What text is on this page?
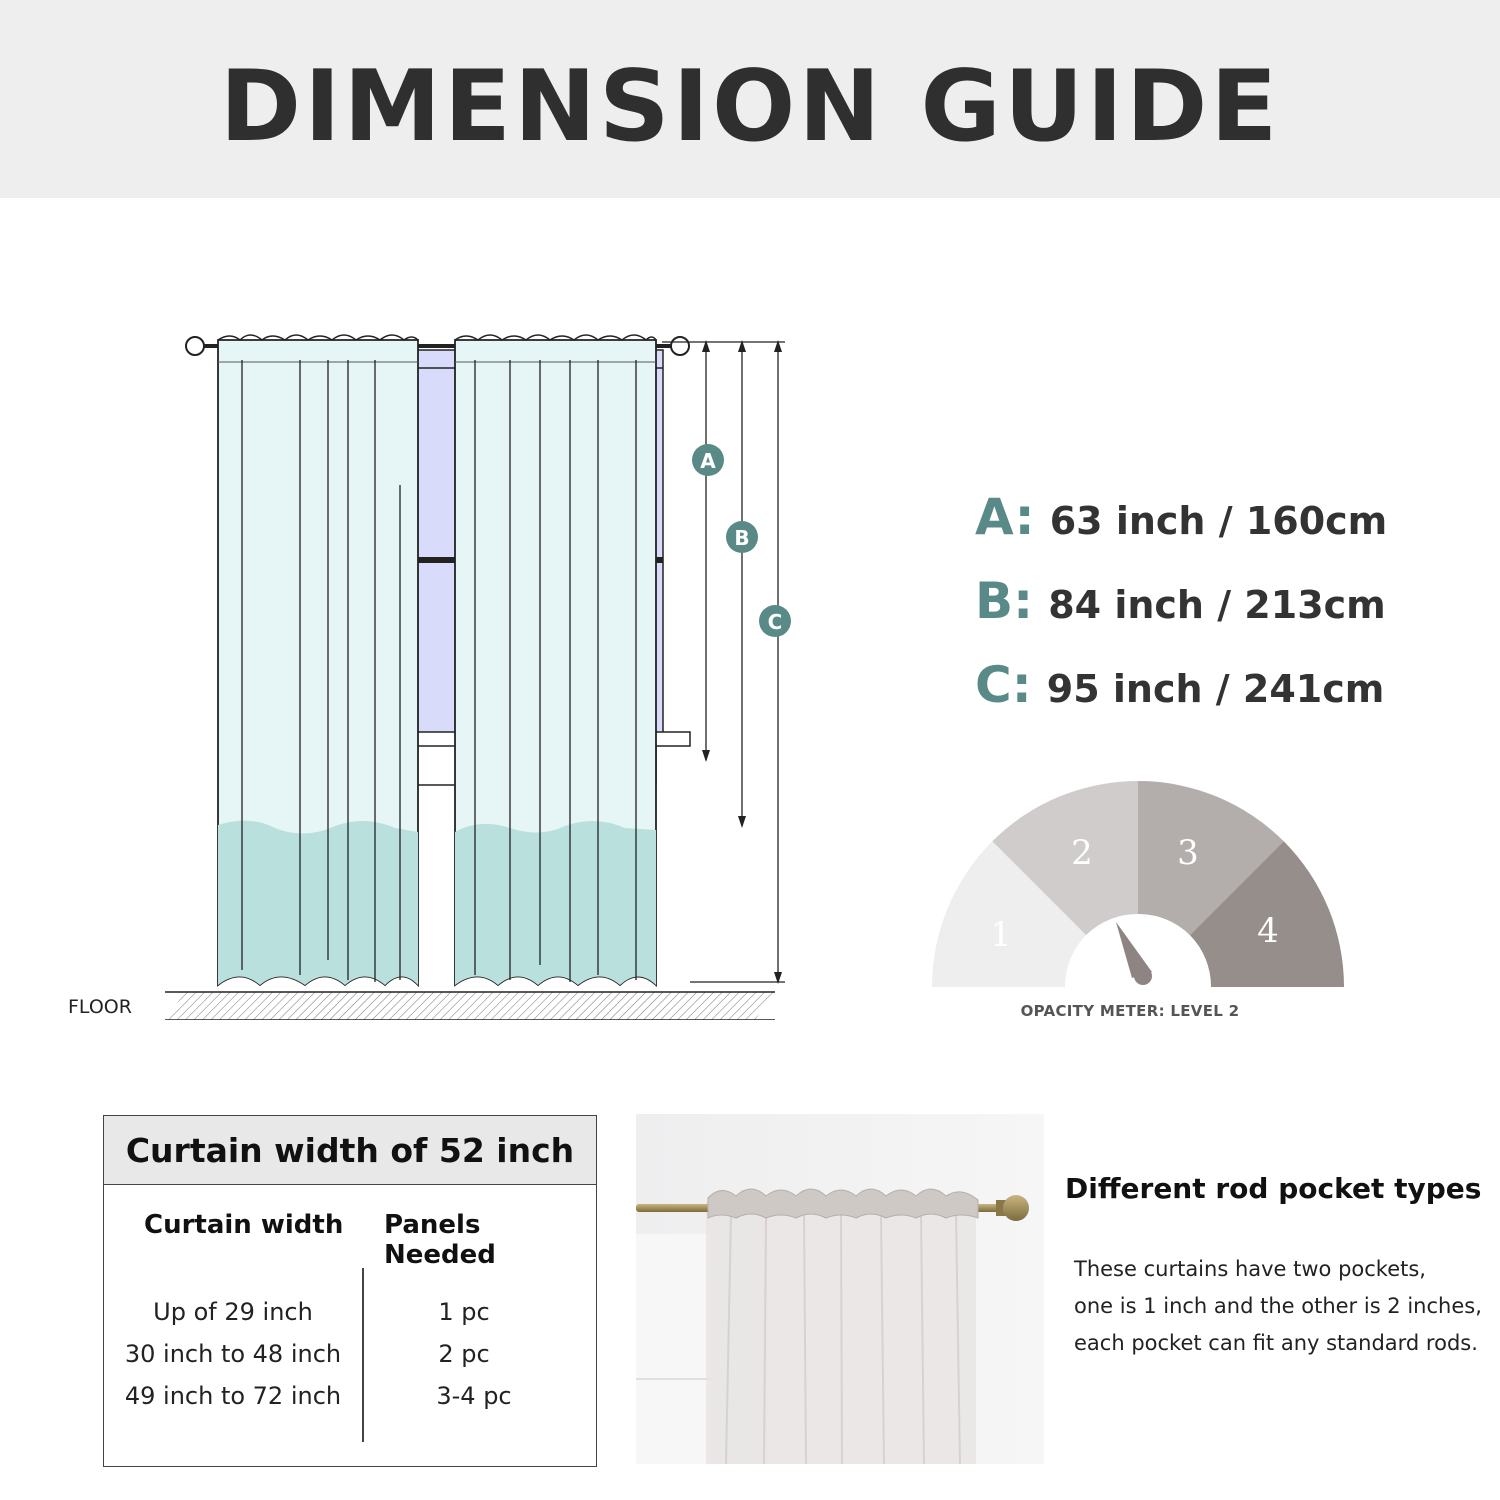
DIMENSION GUIDE
A
B
C
FLOOR
A: 63 inch / 160cm
B: 84 inch / 213cm
C: 95 inch / 241cm
1
2 3
4
OPACITY METER: LEVEL 2
Curtain width of 52 inch
Curtain width Panels Needed
Up of 29 inch
30 inch to 48 inch
49 inch to 72 inch
1 pc
2 pc
3-4 pc
Different rod pocket types
These curtains have two pockets,
one is 1 inch and the other is 2 inches,
each pocket can fit any standard rods.
